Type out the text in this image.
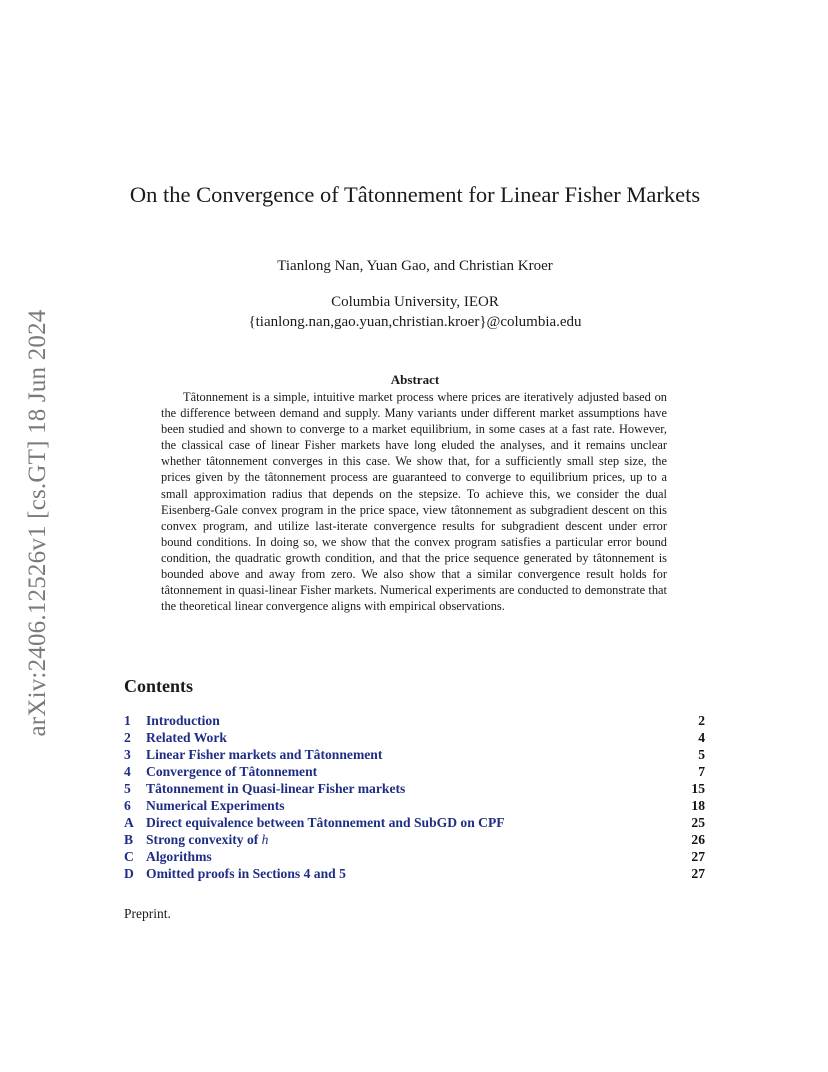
arXiv:2406.12526v1 [cs.GT] 18 Jun 2024
On the Convergence of Tâtonnement for Linear Fisher Markets
Tianlong Nan, Yuan Gao, and Christian Kroer
Columbia University, IEOR
{tianlong.nan,gao.yuan,christian.kroer}@columbia.edu
Abstract

Tâtonnement is a simple, intuitive market process where prices are iteratively adjusted based on the difference between demand and supply. Many variants under different market assumptions have been studied and shown to converge to a market equilibrium, in some cases at a fast rate. However, the classical case of linear Fisher markets have long eluded the analyses, and it remains unclear whether tâtonnement converges in this case. We show that, for a sufficiently small step size, the prices given by the tâtonnement process are guaranteed to converge to equilibrium prices, up to a small approximation radius that depends on the stepsize. To achieve this, we consider the dual Eisenberg-Gale convex program in the price space, view tâtonnement as subgradient descent on this convex program, and utilize last-iterate convergence results for subgradient descent under error bound conditions. In doing so, we show that the convex program satisfies a particular error bound condition, the quadratic growth condition, and that the price sequence generated by tâtonnement is bounded above and away from zero. We also show that a similar convergence result holds for tâtonnement in quasi-linear Fisher markets. Numerical experiments are conducted to demonstrate that the theoretical linear convergence aligns with empirical observations.

Contents
1	Introduction	2
2	Related Work	4
3	Linear Fisher markets and Tâtonnement	5
4	Convergence of Tâtonnement	7
5	Tâtonnement in Quasi-linear Fisher markets	15
6	Numerical Experiments	18
A Direct equivalence between Tâtonnement and SubGD on CPF	25
B Strong convexity of h	26
C Algorithms	27
D Omitted proofs in Sections 4 and 5	27
Preprint.
